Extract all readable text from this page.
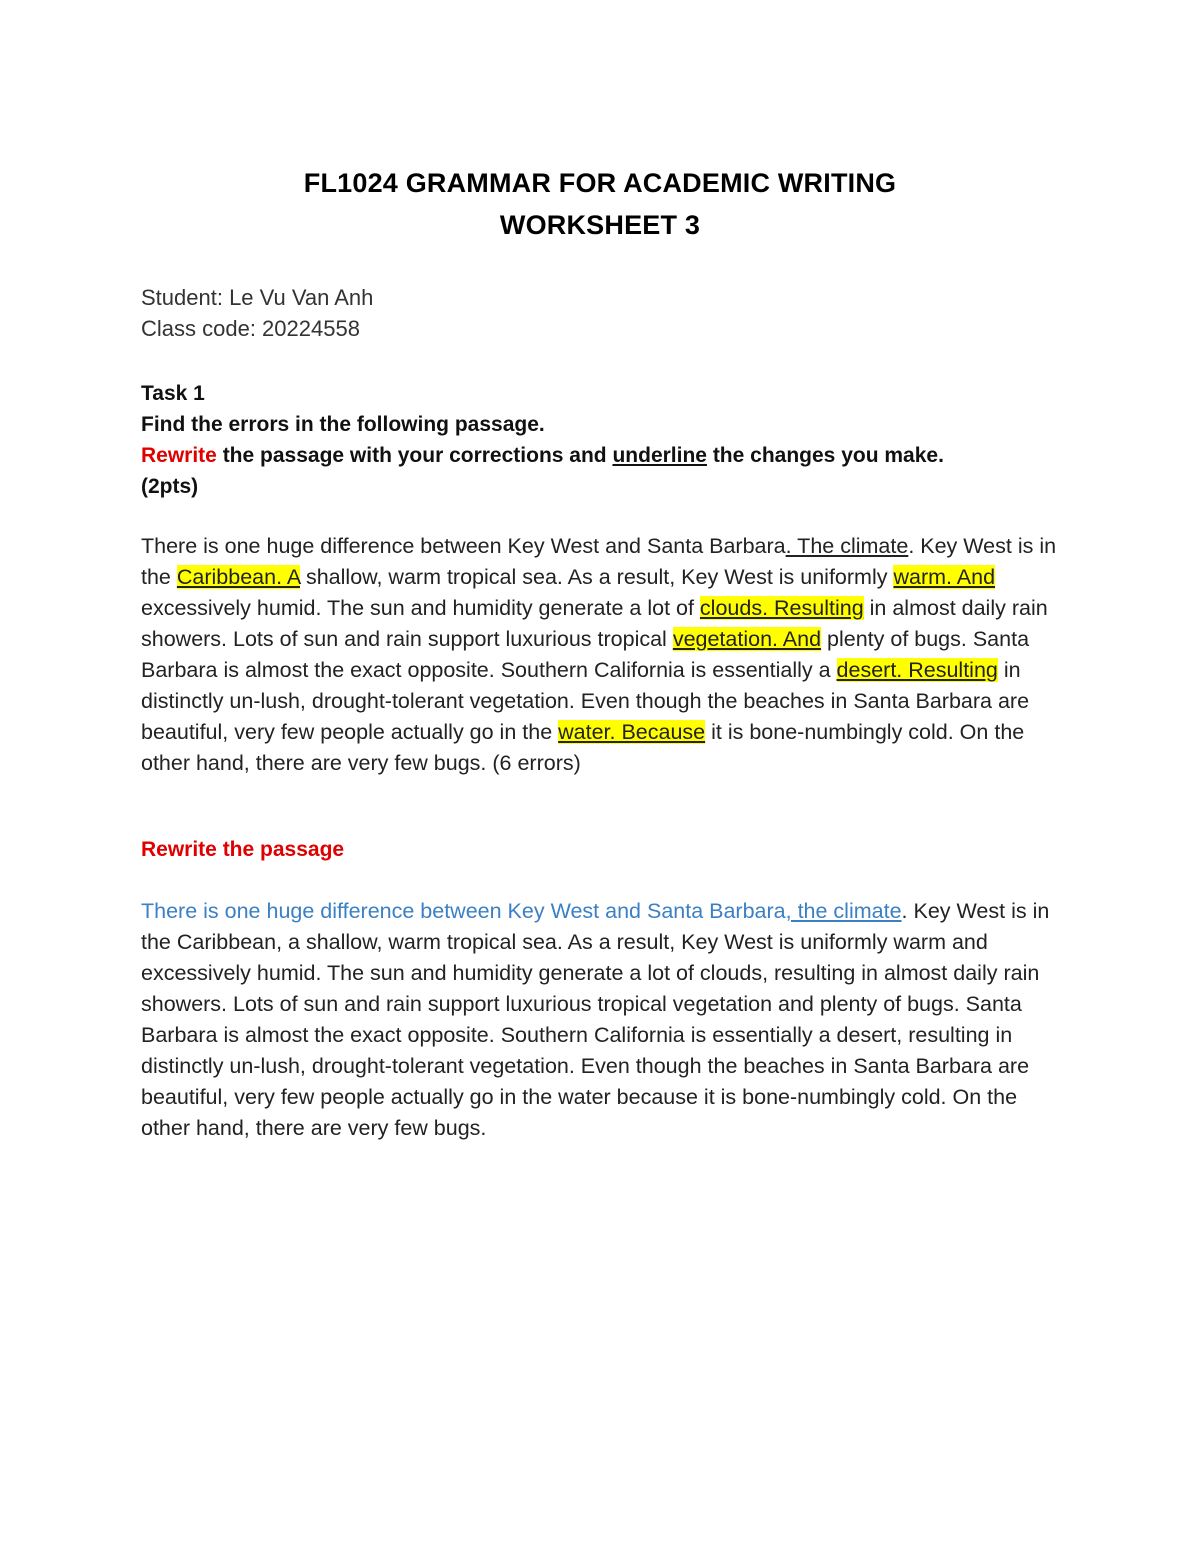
FL1024 GRAMMAR FOR ACADEMIC WRITING
WORKSHEET 3

Student: Le Vu Van Anh

Class code: 20224558

Task 1
Find the errors in the following passage.
Rewrite the passage with your corrections and underline the changes you make.
(2pts)

There is one huge difference between Key West and Santa Barbara. The climate. Key West is in the Caribbean. A shallow, warm tropical sea. As a result, Key West is uniformly warm. And excessively humid. The sun and humidity generate a lot of clouds. Resulting in almost daily rain showers. Lots of sun and rain support luxurious tropical vegetation. And plenty of bugs. Santa Barbara is almost the exact opposite. Southern California is essentially a desert. Resulting in distinctly un-lush, drought-tolerant vegetation. Even though the beaches in Santa Barbara are beautiful, very few people actually go in the water. Because it is bone-numbingly cold. On the other hand, there are very few bugs. (6 errors)

Rewrite the passage

There is one huge difference between Key West and Santa Barbara, the climate. Key West is in the Caribbean, a shallow, warm tropical sea. As a result, Key West is uniformly warm and excessively humid. The sun and humidity generate a lot of clouds, resulting in almost daily rain showers. Lots of sun and rain support luxurious tropical vegetation and plenty of bugs. Santa Barbara is almost the exact opposite. Southern California is essentially a desert, resulting in distinctly un-lush, drought-tolerant vegetation. Even though the beaches in Santa Barbara are beautiful, very few people actually go in the water because it is bone-numbingly cold. On the other hand, there are very few bugs.
